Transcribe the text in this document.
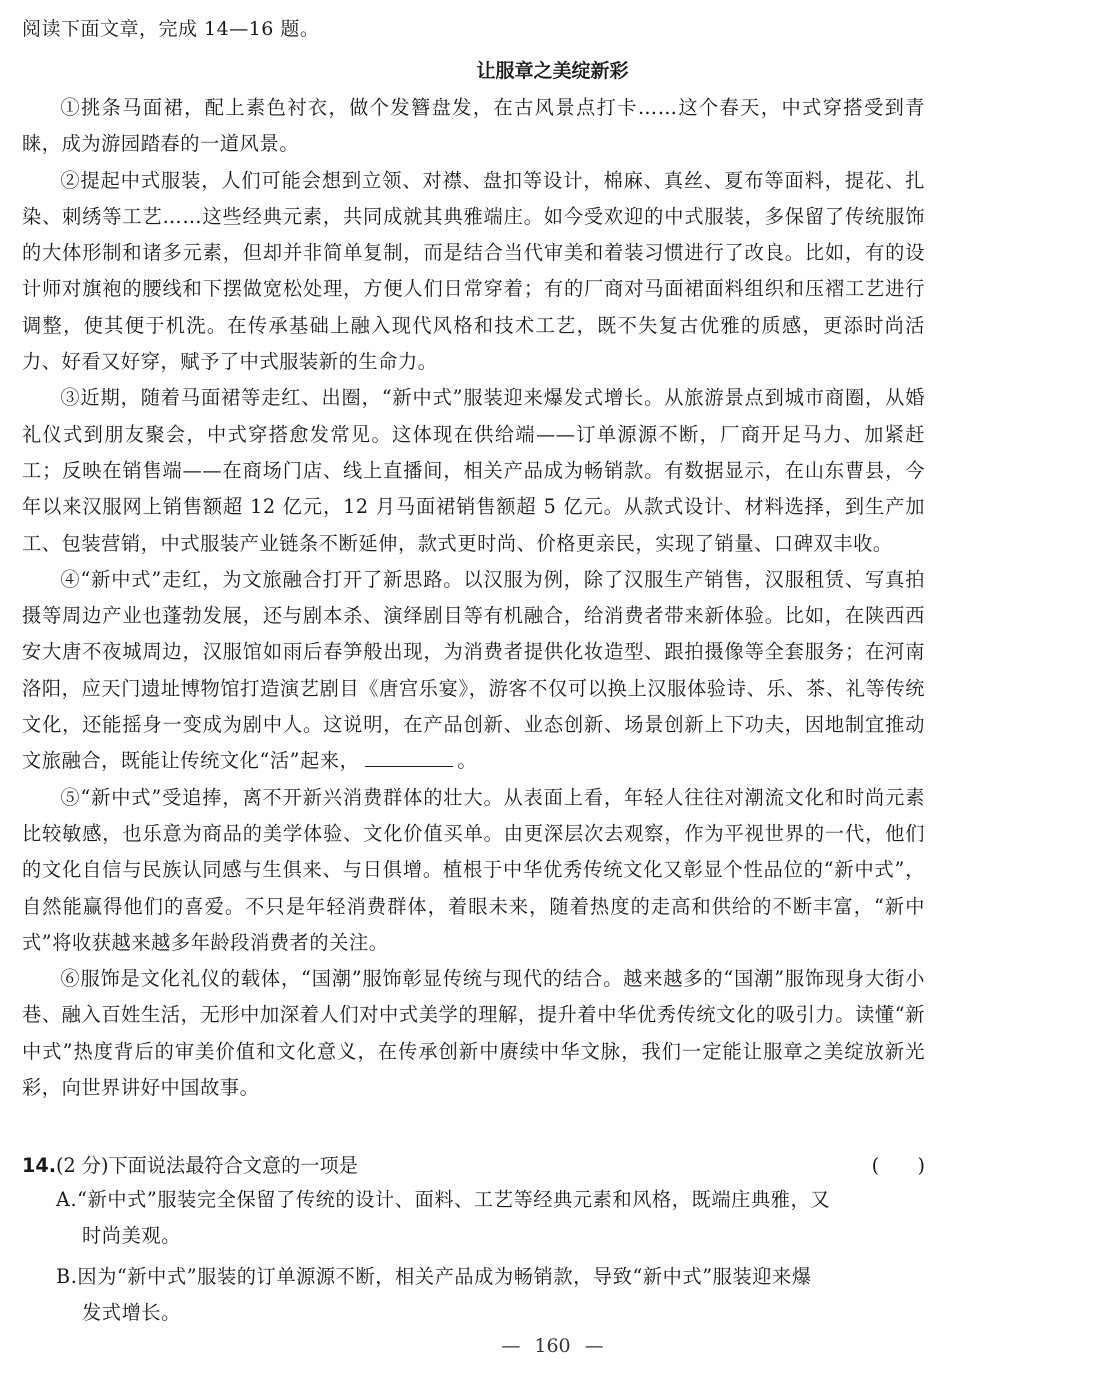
阅读下面文章，完成 14—16 题。
让服章之美绽新彩

①挑条马面裙，配上素色衬衣，做个发簪盘发，在古风景点打卡……这个春天，中式穿搭受到青睐，成为游园踏春的一道风景。

②提起中式服装，人们可能会想到立领、对襟、盘扣等设计，棉麻、真丝、夏布等面料，提花、扎染、刺绣等工艺……这些经典元素，共同成就其典雅端庄。如今受欢迎的中式服装，多保留了传统服饰的大体形制和诸多元素，但却并非简单复制，而是结合当代审美和着装习惯进行了改良。比如，有的设计师对旗袍的腰线和下摆做宽松处理，方便人们日常穿着；有的厂商对马面裙面料组织和压褶工艺进行调整，使其便于机洗。在传承基础上融入现代风格和技术工艺，既不失复古优雅的质感，更添时尚活力、好看又好穿，赋予了中式服装新的生命力。

③近期，随着马面裙等走红、出圈，“新中式”服装迎来爆发式增长。从旅游景点到城市商圈，从婚礼仪式到朋友聚会，中式穿搭愈发常见。这体现在供给端——订单源源不断，厂商开足马力、加紧赶工；反映在销售端——在商场门店、线上直播间，相关产品成为畅销款。有数据显示，在山东曹县，今年以来汉服网上销售额超 12 亿元，12 月马面裙销售额超 5 亿元。从款式设计、材料选择，到生产加工、包装营销，中式服装产业链条不断延伸，款式更时尚、价格更亲民，实现了销量、口碑双丰收。

④“新中式”走红，为文旅融合打开了新思路。以汉服为例，除了汉服生产销售，汉服租赁、写真拍摄等周边产业也蓬勃发展，还与剧本杀、演绎剧目等有机融合，给消费者带来新体验。比如，在陕西西安大唐不夜城周边，汉服馆如雨后春笋般出现，为消费者提供化妆造型、跟拍摄像等全套服务；在河南洛阳，应天门遗址博物馆打造演艺剧目《唐宫乐宴》，游客不仅可以换上汉服体验诗、乐、茶、礼等传统文化，还能摇身一变成为剧中人。这说明，在产品创新、业态创新、场景创新上下功夫，因地制宜推动文旅融合，既能让传统文化“活”起来，	。

⑤“新中式”受追捧，离不开新兴消费群体的壮大。从表面上看，年轻人往往对潮流文化和时尚元素比较敏感，也乐意为商品的美学体验、文化价值买单。由更深层次去观察，作为平视世界的一代，他们的文化自信与民族认同感与生俱来、与日俱增。植根于中华优秀传统文化又彰显个性品位的“新中式”，自然能赢得他们的喜爱。不只是年轻消费群体，着眼未来，随着热度的走高和供给的不断丰富，“新中式”将收获越来越多年龄段消费者的关注。

⑥服饰是文化礼仪的载体，“国潮”服饰彰显传统与现代的结合。越来越多的“国潮”服饰现身大街小巷、融入百姓生活，无形中加深着人们对中式美学的理解，提升着中华优秀传统文化的吸引力。读懂“新中式”热度背后的审美价值和文化意义，在传承创新中赓续中华文脉，我们一定能让服章之美绽放新光彩，向世界讲好中国故事。

14.(2 分)下面说法最符合文意的一项是	(　　)
A.“新中式”服装完全保留了传统的设计、面料、工艺等经典元素和风格，既端庄典雅，又
时尚美观。
B.因为“新中式”服装的订单源源不断，相关产品成为畅销款，导致“新中式”服装迎来爆
发式增长。
— 160 —
